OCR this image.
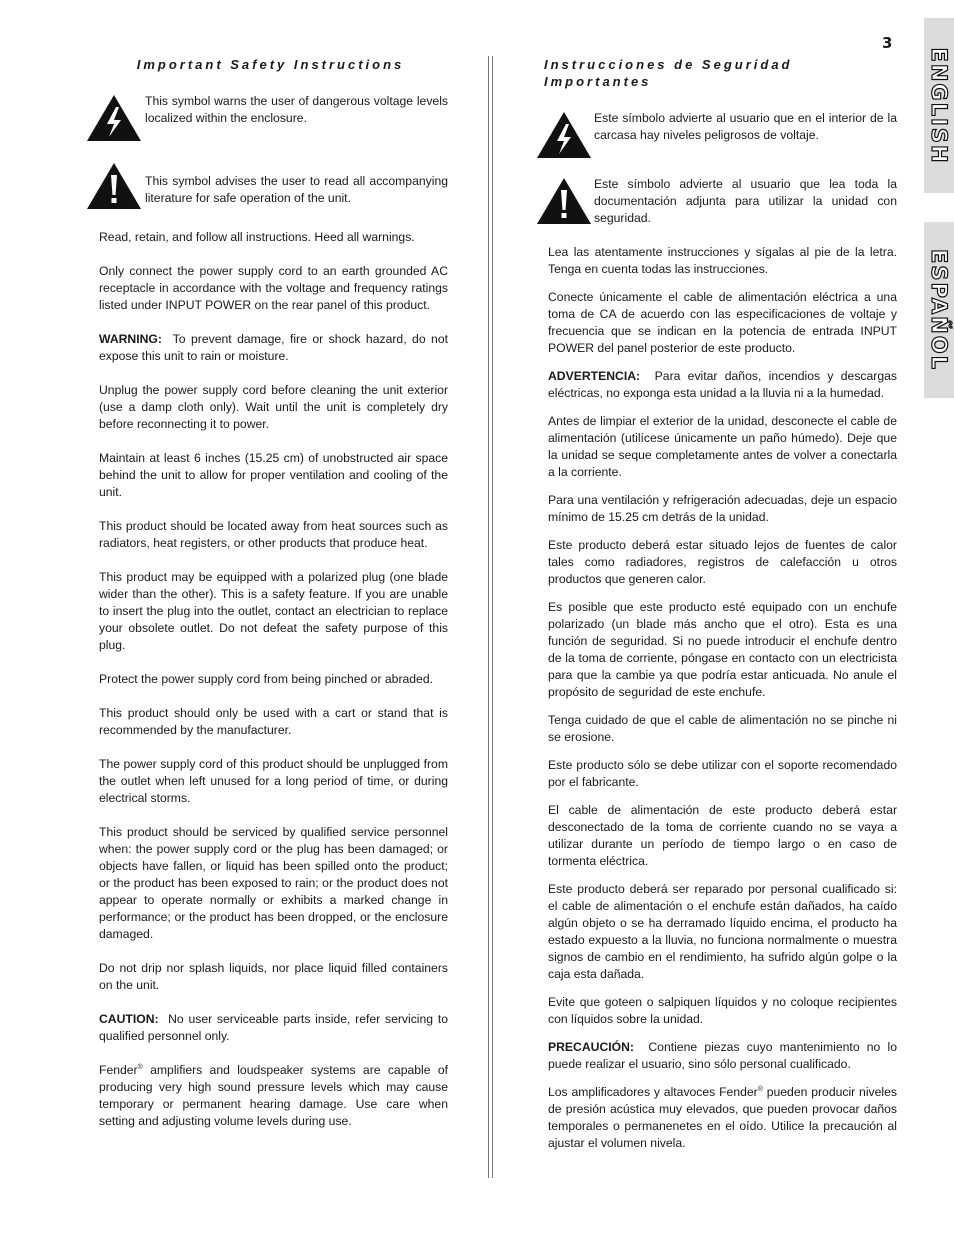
3
ENGLISH
ESPAÑOL
Important Safety Instructions
This symbol warns the user of dangerous voltage levels localized within the enclosure.
This symbol advises the user to read all accompanying literature for safe operation of the unit.

Read, retain, and follow all instructions. Heed all warnings.

Only connect the power supply cord to an earth grounded AC receptacle in accordance with the voltage and frequency ratings listed under INPUT POWER on the rear panel of this product.

WARNING: To prevent damage, fire or shock hazard, do not expose this unit to rain or moisture.

Unplug the power supply cord before cleaning the unit exterior (use a damp cloth only). Wait until the unit is completely dry before reconnecting it to power.

Maintain at least 6 inches (15.25 cm) of unobstructed air space behind the unit to allow for proper ventilation and cooling of the unit.

This product should be located away from heat sources such as radiators, heat registers, or other products that produce heat.

This product may be equipped with a polarized plug (one blade wider than the other). This is a safety feature. If you are unable to insert the plug into the outlet, contact an electrician to replace your obsolete outlet. Do not defeat the safety purpose of this plug.

Protect the power supply cord from being pinched or abraded.

This product should only be used with a cart or stand that is recommended by the manufacturer.

The power supply cord of this product should be unplugged from the outlet when left unused for a long period of time, or during electrical storms.

This product should be serviced by qualified service personnel when: the power supply cord or the plug has been damaged; or objects have fallen, or liquid has been spilled onto the product; or the product has been exposed to rain; or the product does not appear to operate normally or exhibits a marked change in performance; or the product has been dropped, or the enclosure damaged.

Do not drip nor splash liquids, nor place liquid filled containers on the unit.

CAUTION: No user serviceable parts inside, refer servicing to qualified personnel only.

Fender® amplifiers and loudspeaker systems are capable of producing very high sound pressure levels which may cause temporary or permanent hearing damage. Use care when setting and adjusting volume levels during use.

Instrucciones de Seguridad Importantes
Este símbolo advierte al usuario que en el interior de la carcasa hay niveles peligrosos de voltaje.
Este símbolo advierte al usuario que lea toda la documentación adjunta para utilizar la unidad con seguridad.

Lea las atentamente instrucciones y sígalas al pie de la letra. Tenga en cuenta todas las instrucciones.

Conecte únicamente el cable de alimentación eléctrica a una toma de CA de acuerdo con las especificaciones de voltaje y frecuencia que se indican en la potencia de entrada INPUT POWER del panel posterior de este producto.

ADVERTENCIA: Para evitar daños, incendios y descargas eléctricas, no exponga esta unidad a la lluvia ni a la humedad.

Antes de limpiar el exterior de la unidad, desconecte el cable de alimentación (utilícese únicamente un paño húmedo). Deje que la unidad se seque completamente antes de volver a conectarla a la corriente.

Para una ventilación y refrigeración adecuadas, deje un espacio mínimo de 15.25 cm detrás de la unidad.

Este producto deberá estar situado lejos de fuentes de calor tales como radiadores, registros de calefacción u otros productos que generen calor.

Es posible que este producto esté equipado con un enchufe polarizado (un blade más ancho que el otro). Esta es una función de seguridad. Si no puede introducir el enchufe dentro de la toma de corriente, póngase en contacto con un electricista para que la cambie ya que podría estar anticuada. No anule el propósito de seguridad de este enchufe.

Tenga cuidado de que el cable de alimentación no se pinche ni se erosione.

Este producto sólo se debe utilizar con el soporte recomendado por el fabricante.

El cable de alimentación de este producto deberá estar desconectado de la toma de corriente cuando no se vaya a utilizar durante un período de tiempo largo o en caso de tormenta eléctrica.

Este producto deberá ser reparado por personal cualificado si: el cable de alimentación o el enchufe están dañados, ha caído algún objeto o se ha derramado líquido encima, el producto ha estado expuesto a la lluvia, no funciona normalmente o muestra signos de cambio en el rendimiento, ha sufrido algún golpe o la caja esta dañada.

Evite que goteen o salpiquen líquidos y no coloque recipientes con líquidos sobre la unidad.

PRECAUCIÓN: Contiene piezas cuyo mantenimiento no lo puede realizar el usuario, sino sólo personal cualificado.

Los amplificadores y altavoces Fender® pueden producir niveles de presión acústica muy elevados, que pueden provocar daños temporales o permanenetes en el oído. Utilice la precaución al ajustar el volumen nivela.
